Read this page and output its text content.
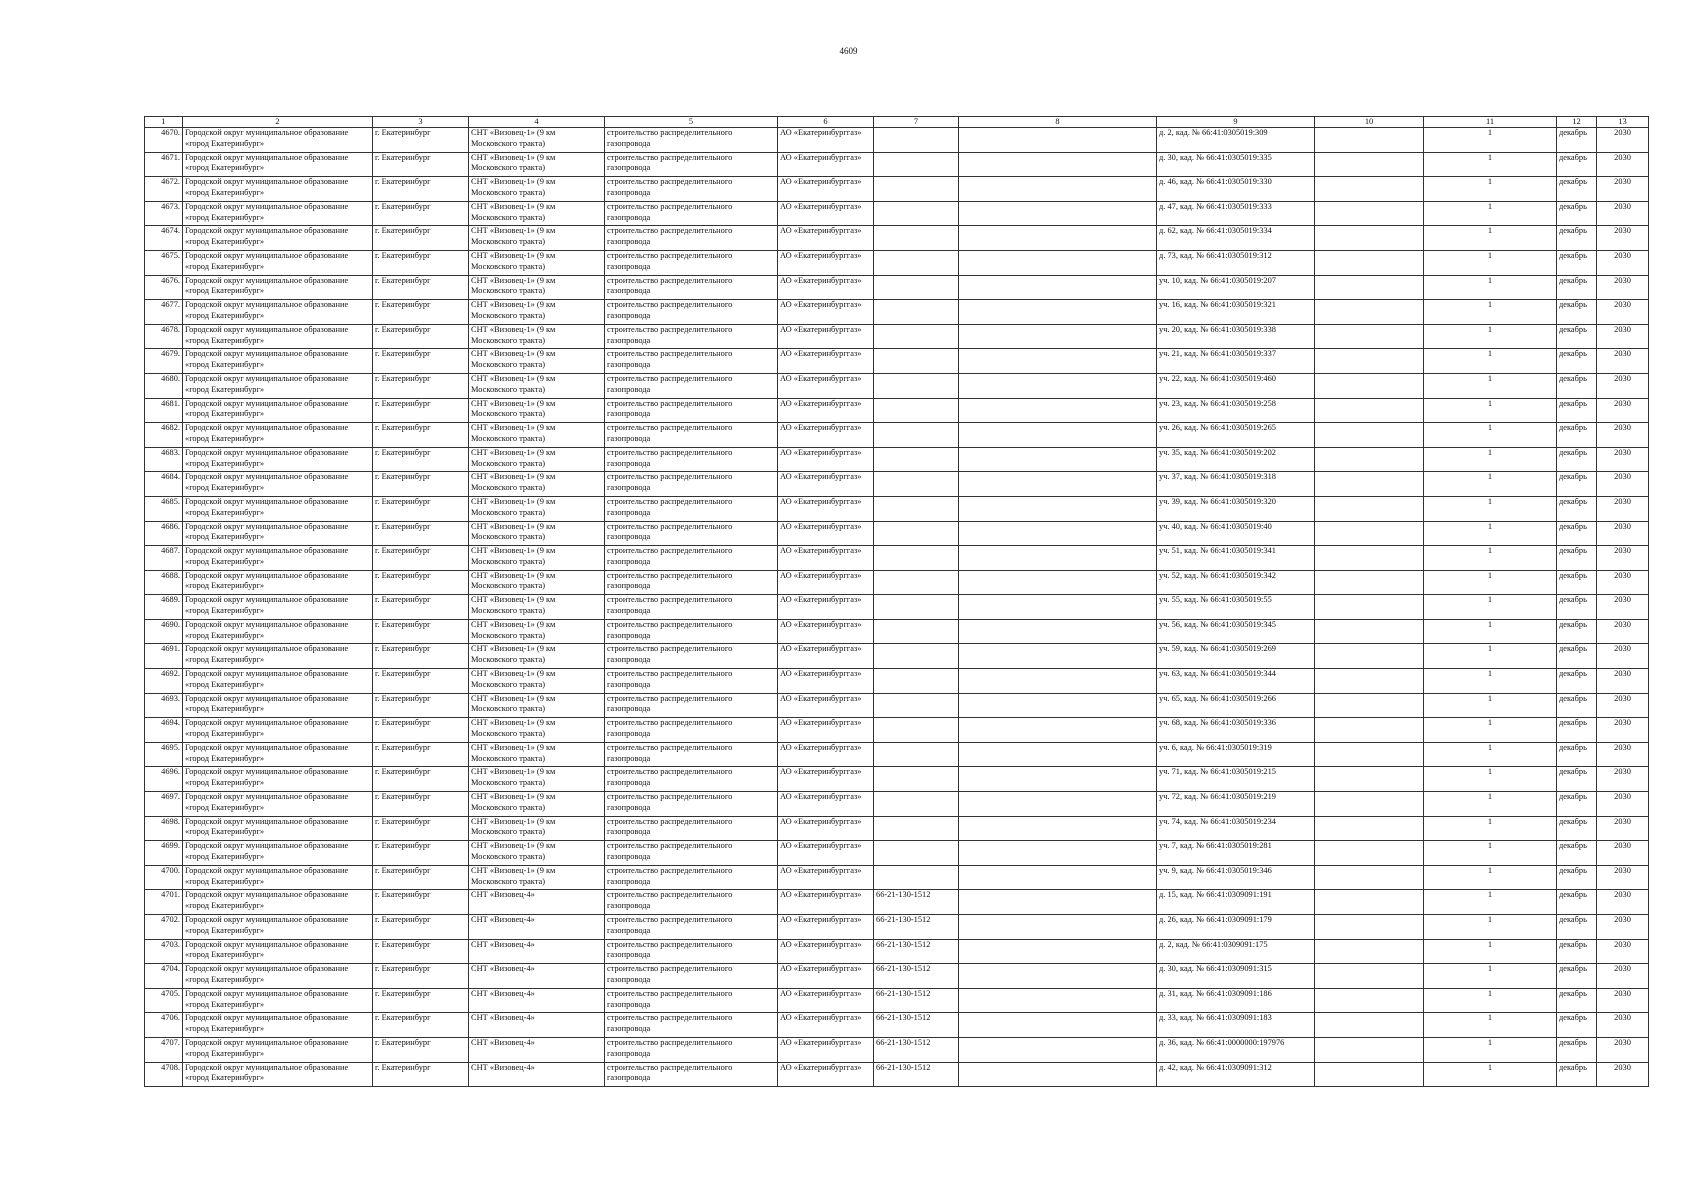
4609
1	2	3	4	5	6	7	8	9	10	11	12	13
4670.	Городской округ муниципальное образование «город Екатеринбург»	г. Екатеринбург	СНТ «Визовец-1» (9 км Московского тракта)	строительство распределительного газопровода	АО «Екатеринбурггаз»			д. 2, кад. № 66:41:0305019:309		1	декабрь	2030
4671.	Городской округ муниципальное образование «город Екатеринбург»	г. Екатеринбург	СНТ «Визовец-1» (9 км Московского тракта)	строительство распределительного газопровода	АО «Екатеринбурггаз»			д. 30, кад. № 66:41:0305019:335		1	декабрь	2030
4672.	Городской округ муниципальное образование «город Екатеринбург»	г. Екатеринбург	СНТ «Визовец-1» (9 км Московского тракта)	строительство распределительного газопровода	АО «Екатеринбурггаз»			д. 46, кад. № 66:41:0305019:330		1	декабрь	2030
4673.	Городской округ муниципальное образование «город Екатеринбург»	г. Екатеринбург	СНТ «Визовец-1» (9 км Московского тракта)	строительство распределительного газопровода	АО «Екатеринбурггаз»			д. 47, кад. № 66:41:0305019:333		1	декабрь	2030
4674.	Городской округ муниципальное образование «город Екатеринбург»	г. Екатеринбург	СНТ «Визовец-1» (9 км Московского тракта)	строительство распределительного газопровода	АО «Екатеринбурггаз»			д. 62, кад. № 66:41:0305019:334		1	декабрь	2030
4675.	Городской округ муниципальное образование «город Екатеринбург»	г. Екатеринбург	СНТ «Визовец-1» (9 км Московского тракта)	строительство распределительного газопровода	АО «Екатеринбурггаз»			д. 73, кад. № 66:41:0305019:312		1	декабрь	2030
4676.	Городской округ муниципальное образование «город Екатеринбург»	г. Екатеринбург	СНТ «Визовец-1» (9 км Московского тракта)	строительство распределительного газопровода	АО «Екатеринбурггаз»			уч. 10, кад. № 66:41:0305019:207		1	декабрь	2030
4677.	Городской округ муниципальное образование «город Екатеринбург»	г. Екатеринбург	СНТ «Визовец-1» (9 км Московского тракта)	строительство распределительного газопровода	АО «Екатеринбурггаз»			уч. 16, кад. № 66:41:0305019:321		1	декабрь	2030
4678.	Городской округ муниципальное образование «город Екатеринбург»	г. Екатеринбург	СНТ «Визовец-1» (9 км Московского тракта)	строительство распределительного газопровода	АО «Екатеринбурггаз»			уч. 20, кад. № 66:41:0305019:338		1	декабрь	2030
4679.	Городской округ муниципальное образование «город Екатеринбург»	г. Екатеринбург	СНТ «Визовец-1» (9 км Московского тракта)	строительство распределительного газопровода	АО «Екатеринбурггаз»			уч. 21, кад. № 66:41:0305019:337		1	декабрь	2030
4680.	Городской округ муниципальное образование «город Екатеринбург»	г. Екатеринбург	СНТ «Визовец-1» (9 км Московского тракта)	строительство распределительного газопровода	АО «Екатеринбурггаз»			уч. 22, кад. № 66:41:0305019:460		1	декабрь	2030
4681.	Городской округ муниципальное образование «город Екатеринбург»	г. Екатеринбург	СНТ «Визовец-1» (9 км Московского тракта)	строительство распределительного газопровода	АО «Екатеринбурггаз»			уч. 23, кад. № 66:41:0305019:258		1	декабрь	2030
4682.	Городской округ муниципальное образование «город Екатеринбург»	г. Екатеринбург	СНТ «Визовец-1» (9 км Московского тракта)	строительство распределительного газопровода	АО «Екатеринбурггаз»			уч. 26, кад. № 66:41:0305019:265		1	декабрь	2030
4683.	Городской округ муниципальное образование «город Екатеринбург»	г. Екатеринбург	СНТ «Визовец-1» (9 км Московского тракта)	строительство распределительного газопровода	АО «Екатеринбурггаз»			уч. 35, кад. № 66:41:0305019:202		1	декабрь	2030
4684.	Городской округ муниципальное образование «город Екатеринбург»	г. Екатеринбург	СНТ «Визовец-1» (9 км Московского тракта)	строительство распределительного газопровода	АО «Екатеринбурггаз»			уч. 37, кад. № 66:41:0305019:318		1	декабрь	2030
4685.	Городской округ муниципальное образование «город Екатеринбург»	г. Екатеринбург	СНТ «Визовец-1» (9 км Московского тракта)	строительство распределительного газопровода	АО «Екатеринбурггаз»			уч. 39, кад. № 66:41:0305019:320		1	декабрь	2030
4686.	Городской округ муниципальное образование «город Екатеринбург»	г. Екатеринбург	СНТ «Визовец-1» (9 км Московского тракта)	строительство распределительного газопровода	АО «Екатеринбурггаз»			уч. 40, кад. № 66:41:0305019:40		1	декабрь	2030
4687.	Городской округ муниципальное образование «город Екатеринбург»	г. Екатеринбург	СНТ «Визовец-1» (9 км Московского тракта)	строительство распределительного газопровода	АО «Екатеринбурггаз»			уч. 51, кад. № 66:41:0305019:341		1	декабрь	2030
4688.	Городской округ муниципальное образование «город Екатеринбург»	г. Екатеринбург	СНТ «Визовец-1» (9 км Московского тракта)	строительство распределительного газопровода	АО «Екатеринбурггаз»			уч. 52, кад. № 66:41:0305019:342		1	декабрь	2030
4689.	Городской округ муниципальное образование «город Екатеринбург»	г. Екатеринбург	СНТ «Визовец-1» (9 км Московского тракта)	строительство распределительного газопровода	АО «Екатеринбурггаз»			уч. 55, кад. № 66:41:0305019:55		1	декабрь	2030
4690.	Городской округ муниципальное образование «город Екатеринбург»	г. Екатеринбург	СНТ «Визовец-1» (9 км Московского тракта)	строительство распределительного газопровода	АО «Екатеринбурггаз»			уч. 56, кад. № 66:41:0305019:345		1	декабрь	2030
4691.	Городской округ муниципальное образование «город Екатеринбург»	г. Екатеринбург	СНТ «Визовец-1» (9 км Московского тракта)	строительство распределительного газопровода	АО «Екатеринбурггаз»			уч. 59, кад. № 66:41:0305019:269		1	декабрь	2030
4692.	Городской округ муниципальное образование «город Екатеринбург»	г. Екатеринбург	СНТ «Визовец-1» (9 км Московского тракта)	строительство распределительного газопровода	АО «Екатеринбурггаз»			уч. 63, кад. № 66:41:0305019:344		1	декабрь	2030
4693.	Городской округ муниципальное образование «город Екатеринбург»	г. Екатеринбург	СНТ «Визовец-1» (9 км Московского тракта)	строительство распределительного газопровода	АО «Екатеринбурггаз»			уч. 65, кад. № 66:41:0305019:266		1	декабрь	2030
4694.	Городской округ муниципальное образование «город Екатеринбург»	г. Екатеринбург	СНТ «Визовец-1» (9 км Московского тракта)	строительство распределительного газопровода	АО «Екатеринбурггаз»			уч. 68, кад. № 66:41:0305019:336		1	декабрь	2030
4695.	Городской округ муниципальное образование «город Екатеринбург»	г. Екатеринбург	СНТ «Визовец-1» (9 км Московского тракта)	строительство распределительного газопровода	АО «Екатеринбурггаз»			уч. 6, кад. № 66:41:0305019:319		1	декабрь	2030
4696.	Городской округ муниципальное образование «город Екатеринбург»	г. Екатеринбург	СНТ «Визовец-1» (9 км Московского тракта)	строительство распределительного газопровода	АО «Екатеринбурггаз»			уч. 71, кад. № 66:41:0305019:215		1	декабрь	2030
4697.	Городской округ муниципальное образование «город Екатеринбург»	г. Екатеринбург	СНТ «Визовец-1» (9 км Московского тракта)	строительство распределительного газопровода	АО «Екатеринбурггаз»			уч. 72, кад. № 66:41:0305019:219		1	декабрь	2030
4698.	Городской округ муниципальное образование «город Екатеринбург»	г. Екатеринбург	СНТ «Визовец-1» (9 км Московского тракта)	строительство распределительного газопровода	АО «Екатеринбурггаз»			уч. 74, кад. № 66:41:0305019:234		1	декабрь	2030
4699.	Городской округ муниципальное образование «город Екатеринбург»	г. Екатеринбург	СНТ «Визовец-1» (9 км Московского тракта)	строительство распределительного газопровода	АО «Екатеринбурггаз»			уч. 7, кад. № 66:41:0305019:281		1	декабрь	2030
4700.	Городской округ муниципальное образование «город Екатеринбург»	г. Екатеринбург	СНТ «Визовец-1» (9 км Московского тракта)	строительство распределительного газопровода	АО «Екатеринбурггаз»			уч. 9, кад. № 66:41:0305019:346		1	декабрь	2030
4701.	Городской округ муниципальное образование «город Екатеринбург»	г. Екатеринбург	СНТ «Визовец-4»	строительство распределительного газопровода	АО «Екатеринбурггаз»	66-21-130-1512		д. 15, кад. № 66:41:0309091:191		1	декабрь	2030
4702.	Городской округ муниципальное образование «город Екатеринбург»	г. Екатеринбург	СНТ «Визовец-4»	строительство распределительного газопровода	АО «Екатеринбурггаз»	66-21-130-1512		д. 26, кад. № 66:41:0309091:179		1	декабрь	2030
4703.	Городской округ муниципальное образование «город Екатеринбург»	г. Екатеринбург	СНТ «Визовец-4»	строительство распределительного газопровода	АО «Екатеринбурггаз»	66-21-130-1512		д. 2, кад. № 66:41:0309091:175		1	декабрь	2030
4704.	Городской округ муниципальное образование «город Екатеринбург»	г. Екатеринбург	СНТ «Визовец-4»	строительство распределительного газопровода	АО «Екатеринбурггаз»	66-21-130-1512		д. 30, кад. № 66:41:0309091:315		1	декабрь	2030
4705.	Городской округ муниципальное образование «город Екатеринбург»	г. Екатеринбург	СНТ «Визовец-4»	строительство распределительного газопровода	АО «Екатеринбурггаз»	66-21-130-1512		д. 31, кад. № 66:41:0309091:186		1	декабрь	2030
4706.	Городской округ муниципальное образование «город Екатеринбург»	г. Екатеринбург	СНТ «Визовец-4»	строительство распределительного газопровода	АО «Екатеринбурггаз»	66-21-130-1512		д. 33, кад. № 66:41:0309091:183		1	декабрь	2030
4707.	Городской округ муниципальное образование «город Екатеринбург»	г. Екатеринбург	СНТ «Визовец-4»	строительство распределительного газопровода	АО «Екатеринбурггаз»	66-21-130-1512		д. 36, кад. № 66:41:0000000:197976		1	декабрь	2030
4708.	Городской округ муниципальное образование «город Екатеринбург»	г. Екатеринбург	СНТ «Визовец-4»	строительство распределительного газопровода	АО «Екатеринбурггаз»	66-21-130-1512		д. 42, кад. № 66:41:0309091:312		1	декабрь	2030
